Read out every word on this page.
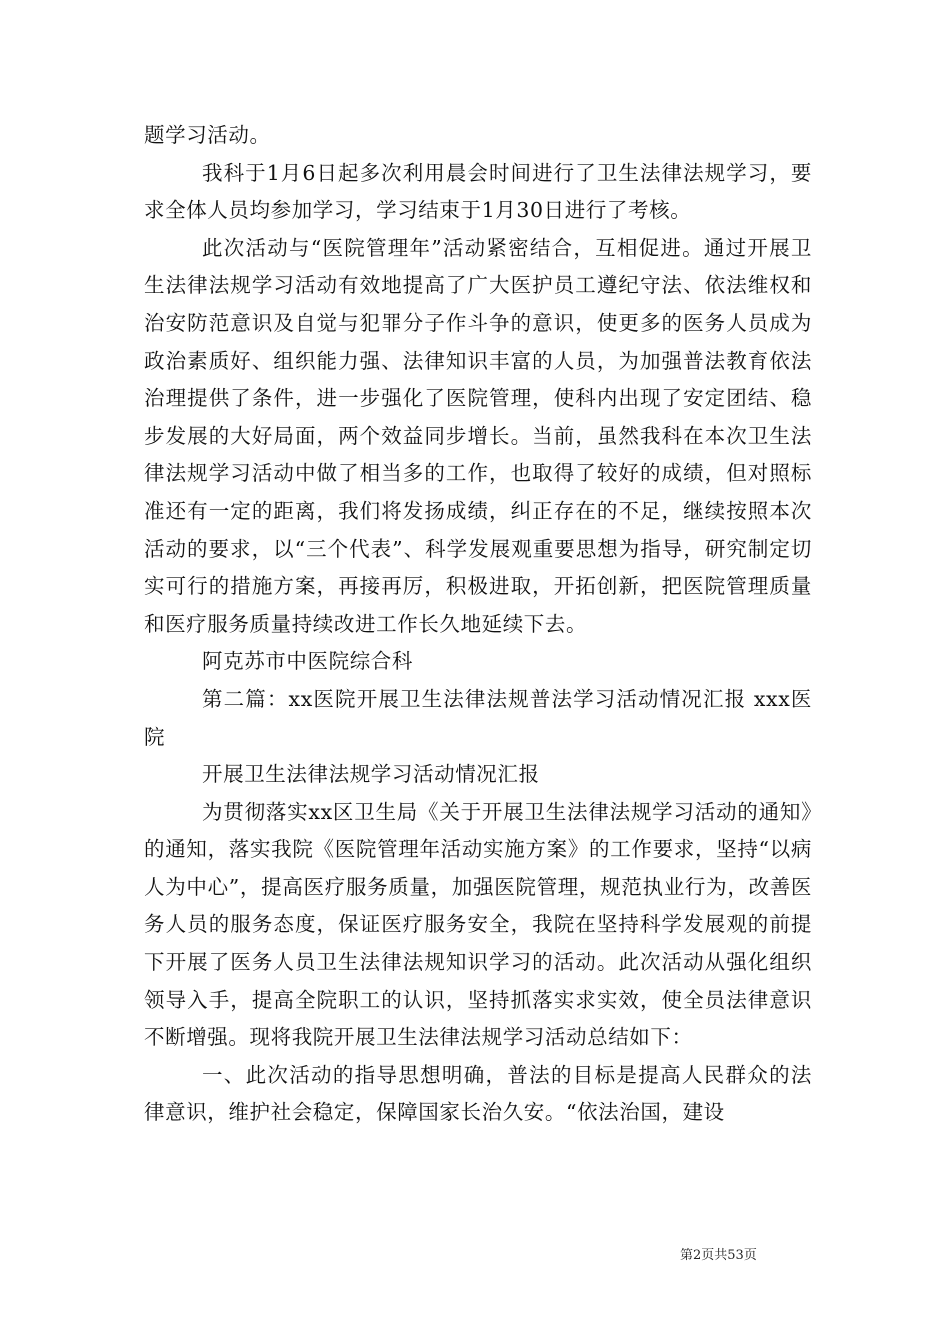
题学习活动。

我科于1月6日起多次利用晨会时间进行了卫生法律法规学习，要求全体人员均参加学习，学习结束于1月30日进行了考核。

此次活动与“医院管理年”活动紧密结合，互相促进。通过开展卫生法律法规学习活动有效地提高了广大医护员工遵纪守法、依法维权和治安防范意识及自觉与犯罪分子作斗争的意识，使更多的医务人员成为政治素质好、组织能力强、法律知识丰富的人员，为加强普法教育依法治理提供了条件，进一步强化了医院管理，使科内出现了安定团结、稳步发展的大好局面，两个效益同步增长。当前，虽然我科在本次卫生法律法规学习活动中做了相当多的工作，也取得了较好的成绩，但对照标准还有一定的距离，我们将发扬成绩，纠正存在的不足，继续按照本次活动的要求，以“三个代表”、科学发展观重要思想为指导，研究制定切实可行的措施方案，再接再厉，积极进取，开拓创新，把医院管理质量和医疗服务质量持续改进工作长久地延续下去。

阿克苏市中医院综合科

第二篇：xx医院开展卫生法律法规普法学习活动情况汇报 xxx医院

开展卫生法律法规学习活动情况汇报

为贯彻落实xx区卫生局《关于开展卫生法律法规学习活动的通知》的通知，落实我院《医院管理年活动实施方案》的工作要求，坚持“以病人为中心”，提高医疗服务质量，加强医院管理，规范执业行为，改善医务人员的服务态度，保证医疗服务安全，我院在坚持科学发展观的前提下开展了医务人员卫生法律法规知识学习的活动。此次活动从强化组织领导入手，提高全院职工的认识，坚持抓落实求实效，使全员法律意识不断增强。现将我院开展卫生法律法规学习活动总结如下：

一、此次活动的指导思想明确，普法的目标是提高人民群众的法律意识，维护社会稳定，保障国家长治久安。“依法治国，建设

第2页共53页
